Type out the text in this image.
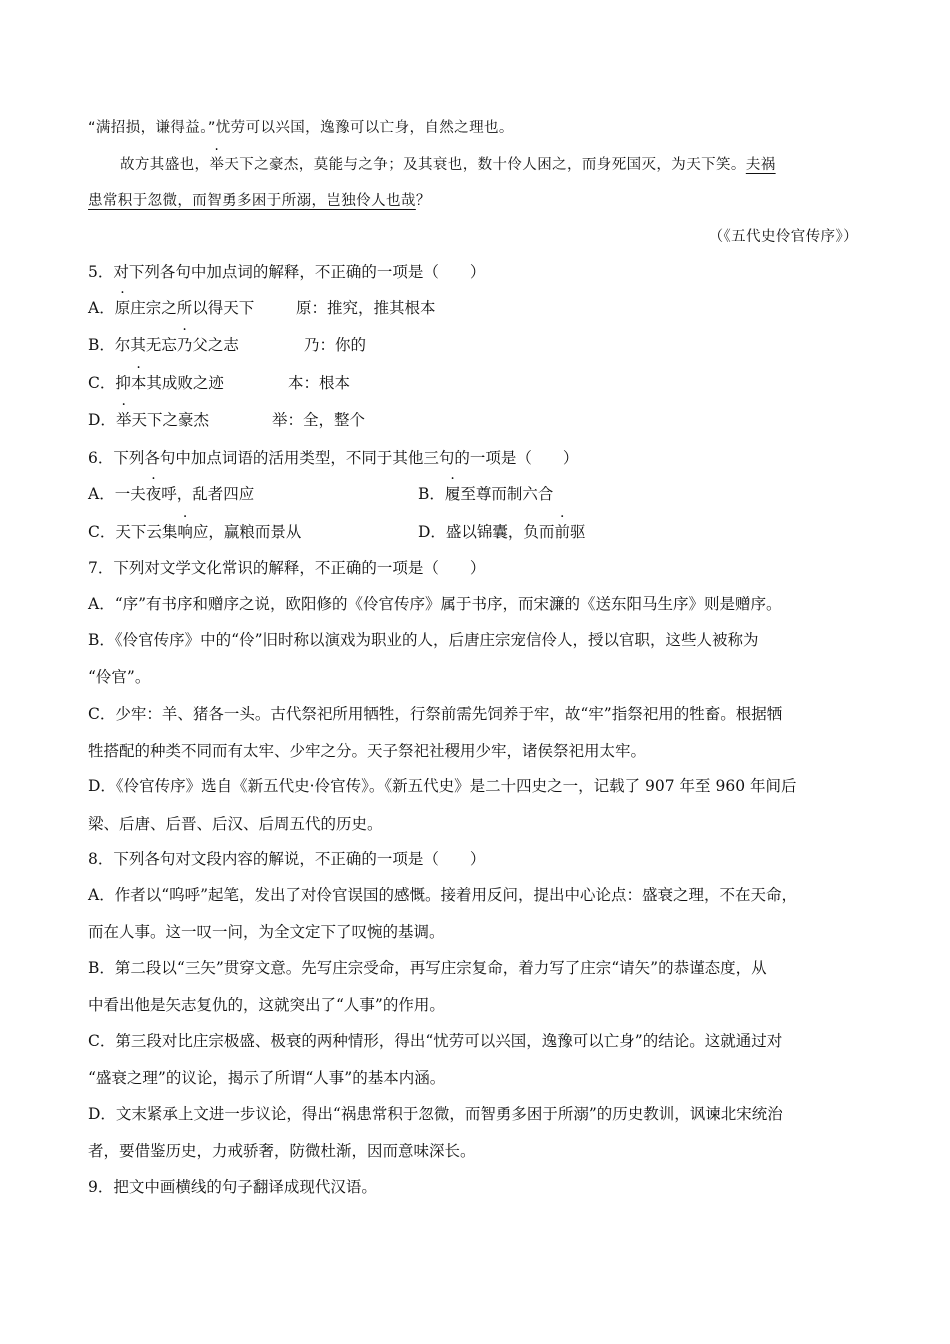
“满招损，谦得益。”忧劳可以兴国，逸豫可以亡身，自然之理也。
故方其盛也，举天下之豪杰，莫能与之争；及其衰也，数十伶人困之，而身死国灭，为天下笑。夫祸
患常积于忽微，而智勇多困于所溺，岂独伶人也哉？
（《五代史伶官传序》）
5．对下列各句中加点词的解释，不正确的一项是（　　）
A．原庄宗之所以得天下	原：推究，推其根本
B．尔其无忘乃父之志	乃：你的
C．抑本其成败之迹	本：根本
D．举天下之豪杰	举：全，整个
6．下列各句中加点词语的活用类型，不同于其他三句的一项是（　　）
A．一夫夜呼，乱者四应	B．履至尊而制六合
C．天下云集响应，赢粮而景从	D．盛以锦囊，负而前驱
7．下列对文学文化常识的解释，不正确的一项是（　　）
A．“序”有书序和赠序之说，欧阳修的《伶官传序》属于书序，而宋濂的《送东阳马生序》则是赠序。
B．《伶官传序》中的“伶”旧时称以演戏为职业的人，后唐庄宗宠信伶人，授以官职，这些人被称为
“伶官”。
C．少牢：羊、猪各一头。古代祭祀所用牺牲，行祭前需先饲养于牢，故“牢”指祭祀用的牲畜。根据牺
牲搭配的种类不同而有太牢、少牢之分。天子祭祀社稷用少牢，诸侯祭祀用太牢。
D．《伶官传序》选自《新五代史·伶官传》。《新五代史》是二十四史之一，记载了 907 年至 960 年间后
梁、后唐、后晋、后汉、后周五代的历史。
8．下列各句对文段内容的解说，不正确的一项是（　　）
A．作者以“呜呼”起笔，发出了对伶官误国的感慨。接着用反问，提出中心论点：盛衰之理，不在天命，
而在人事。这一叹一问，为全文定下了叹惋的基调。
B．第二段以“三矢”贯穿文意。先写庄宗受命，再写庄宗复命，着力写了庄宗“请矢”的恭谨态度，从
中看出他是矢志复仇的，这就突出了“人事”的作用。
C．第三段对比庄宗极盛、极衰的两种情形，得出“忧劳可以兴国，逸豫可以亡身”的结论。这就通过对
“盛衰之理”的议论，揭示了所谓“人事”的基本内涵。
D．文末紧承上文进一步议论，得出“祸患常积于忽微，而智勇多困于所溺”的历史教训，讽谏北宋统治
者，要借鉴历史，力戒骄奢，防微杜渐，因而意味深长。
9．把文中画横线的句子翻译成现代汉语。
